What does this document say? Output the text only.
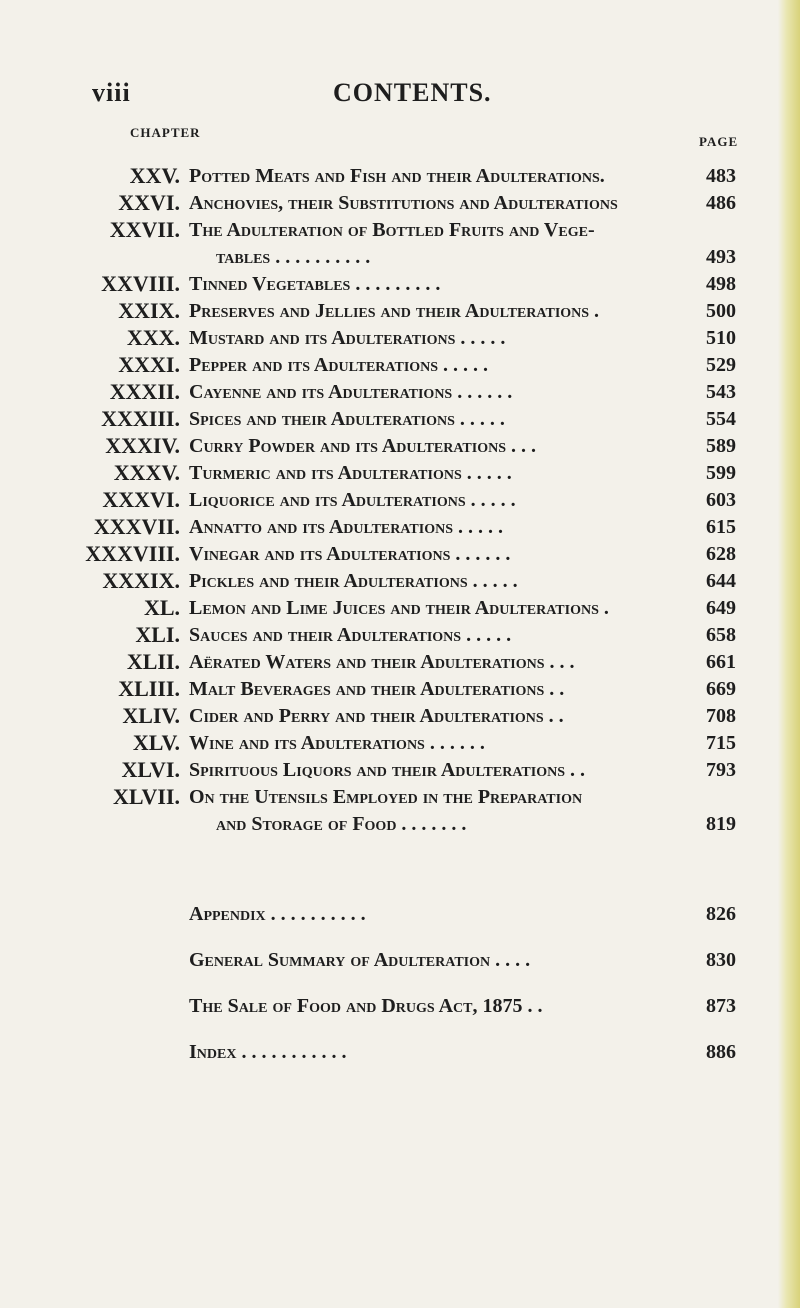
viii	CONTENTS.
CHAPTER
PAGE
XXV. Potted Meats and Fish and their Adulterations.	483
XXVI. Anchovies, their Substitutions and Adulterations	486
XXVII. The Adulteration of Bottled Fruits and Vege-
tables . . . . . . . . . .	493
XXVIII. Tinned Vegetables . . . . . . . . .	498
XXIX. Preserves and Jellies and their Adulterations .	500
XXX. Mustard and its Adulterations . . . . .	510
XXXI. Pepper and its Adulterations . . . . .	529
XXXII. Cayenne and its Adulterations . . . . . .	543
XXXIII. Spices and their Adulterations . . . . .	554
XXXIV. Curry Powder and its Adulterations . . .	589
XXXV. Turmeric and its Adulterations . . . . .	599
XXXVI. Liquorice and its Adulterations . . . . .	603
XXXVII. Annatto and its Adulterations . . . . .	615
XXXVIII. Vinegar and its Adulterations . . . . . .	628
XXXIX. Pickles and their Adulterations . . . . .	644
XL. Lemon and Lime Juices and their Adulterations .	649
XLI. Sauces and their Adulterations . . . . .	658
XLII. Aërated Waters and their Adulterations . . .	661
XLIII. Malt Beverages and their Adulterations . .	669
XLIV. Cider and Perry and their Adulterations . .	708
XLV. Wine and its Adulterations . . . . . .	715
XLVI. Spirituous Liquors and their Adulterations . .	793
XLVII. On the Utensils Employed in the Preparation
and Storage of Food . . . . . . .	819
Appendix . . . . . . . . . .	826
General Summary of Adulteration . . . .	830
The Sale of Food and Drugs Act, 1875 . .	873
Index . . . . . . . . . . .	886
